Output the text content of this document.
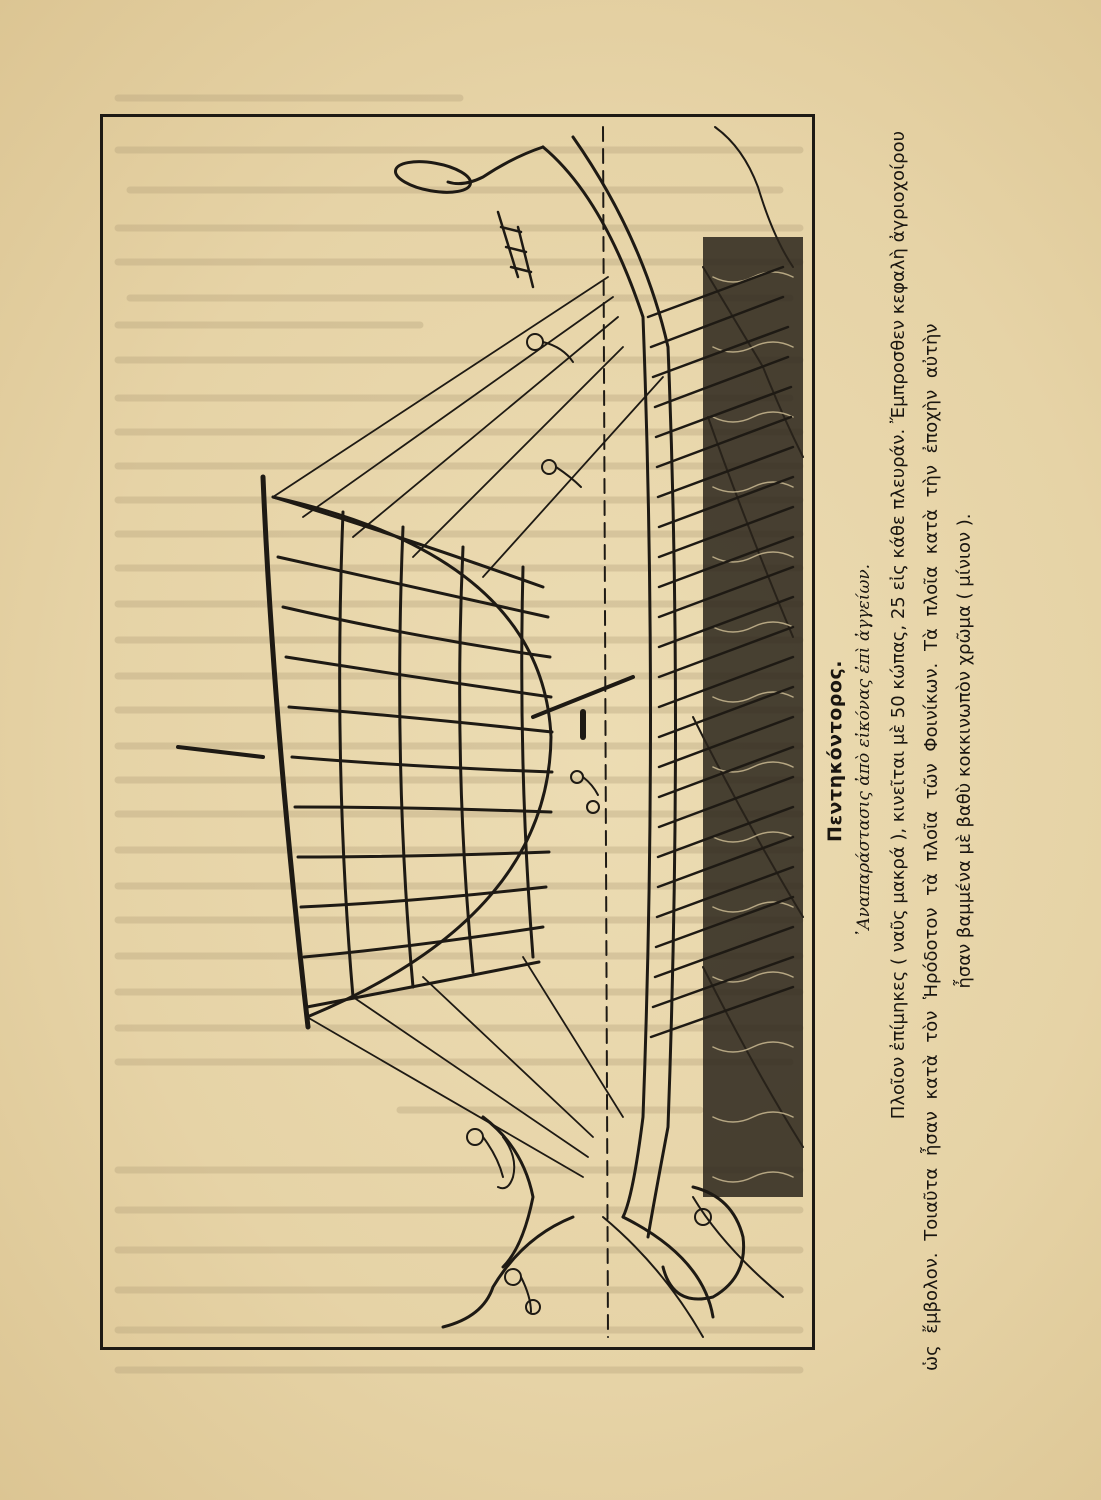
Πεντηκόντορος. ᾿Αναπαράστασις ἀπὸ εἰκόνας ἐπὶ ἀγγείων. Πλοῖον ἐπίμηκες ( ναῦς μακρά ), κινεῖται μὲ 50 κώπας, 25 εἰς κάθε πλευράν. Ἔμπροσθεν κεφαλὴ ἀγριοχοίρου ὡς ἔμβολον. Τοιαῦτα ἦσαν κατὰ τὸν Ἡρόδοτον τὰ πλοῖα τῶν Φοινίκων. Τὰ πλοῖα κατὰ τὴν ἐποχὴν αὐτὴν ἦσαν βαμμένα μὲ βαθὺ κοκκινωπὸν χρῶμα ( μίνιον ).
